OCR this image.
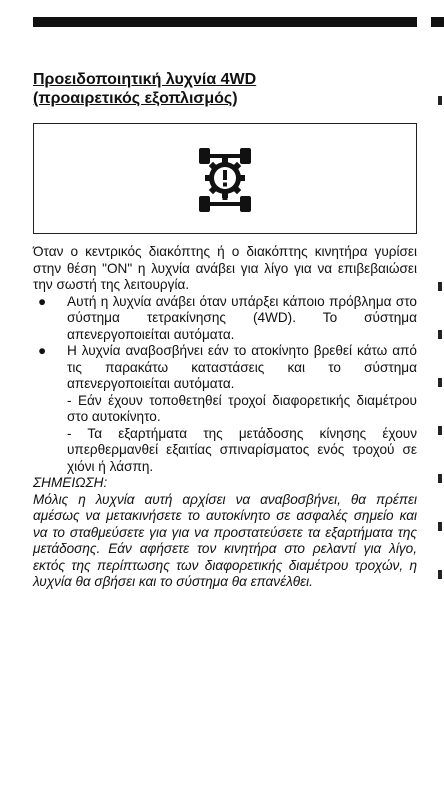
Προειδοποιητική λυχνία 4WD
(προαιρετικός εξοπλισμός)

Όταν ο κεντρικός διακόπτης ή ο διακόπτης κινητήρα γυρίσει στην θέση "ON" η λυχνία ανάβει για λίγο για να επιβεβαιώσει την σωστή της λειτουργία.

● Αυτή η λυχνία ανάβει όταν υπάρξει κάποιο πρόβλημα στο σύστημα τετρακίνησης (4WD). Το σύστημα απενεργοποιείται αυτόματα.
● Η λυχνία αναβοσβήνει εάν το ατοκίνητο βρεθεί κάτω από τις παρακάτω καταστάσεις και το σύστημα απενεργοποιείται αυτόματα.
- Εάν έχουν τοποθετηθεί τροχοί διαφορετικής διαμέτρου στο αυτοκίνητο.
- Τα εξαρτήματα της μετάδοσης κίνησης έχουν υπερθερμανθεί εξαιτίας σπιναρίσματος ενός τροχού σε χιόνι ή λάσπη.

ΣΗΜΕΙΩΣΗ:

Μόλις η λυχνία αυτή αρχίσει να αναβοσβήνει, θα πρέπει αμέσως να μετακινήσετε το αυτοκίνητο σε ασφαλές σημείο και να το σταθμεύσετε για για να προστατεύσετε τα εξαρτήματα της μετάδοσης. Εάν αφήσετε τον κινητήρα στο ρελαντί για λίγο, εκτός της περίπτωσης των διαφορετικής διαμέτρου τροχών, η λυχνία θα σβήσει και το σύστημα θα επανέλθει.
